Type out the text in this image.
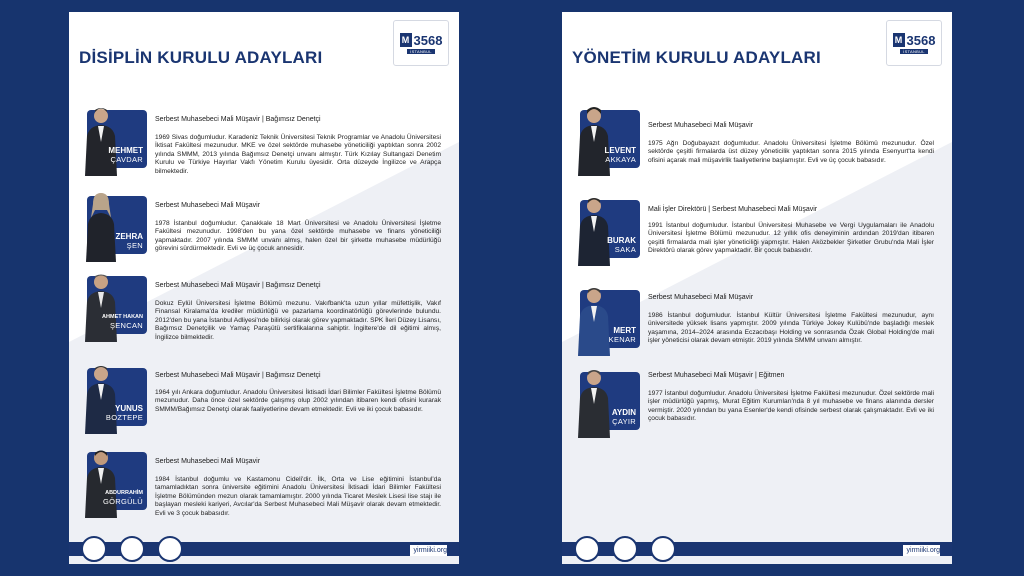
DİSİPLİN KURULU ADAYLARI
M 3568
İSTANBUL
MEHMET
ÇAVDAR
Serbest Muhasebeci Mali Müşavir | Bağımsız Denetçi

1969 Sivas doğumludur. Karadeniz Teknik Üniversitesi Teknik Programlar ve Anadolu Üniversitesi İktisat Fakültesi mezunudur. MKE ve özel sektörde muhasebe yöneticiliği yaptıktan sonra 2002 yılında SMMM, 2013 yılında Bağımsız Denetçi unvanı almıştır. Türk Kızılay Sultangazi Denetim Kurulu ve Türkiye Hayırlar Vakfı Yönetim Kurulu üyesidir. Orta düzeyde İngilizce ve Arapça bilmektedir.

ZEHRA
ŞEN
Serbest Muhasebeci Mali Müşavir

1978 İstanbul doğumludur. Çanakkale 18 Mart Üniversitesi ve Anadolu Üniversitesi İşletme Fakültesi mezunudur. 1998'den bu yana özel sektörde muhasebe ve finans yöneticiliği yapmaktadır. 2007 yılında SMMM unvanı almış, halen özel bir şirkette muhasebe müdürlüğü görevini sürdürmektedir. Evli ve üç çocuk annesidir.

AHMET HAKAN
ŞENCAN
Serbest Muhasebeci Mali Müşavir | Bağımsız Denetçi

Dokuz Eylül Üniversitesi İşletme Bölümü mezunu. Vakıfbank'ta uzun yıllar müfettişlik, Vakıf Finansal Kiralama'da krediler müdürlüğü ve pazarlama koordinatörlüğü görevlerinde bulundu. 2012'den bu yana İstanbul Adliyesi'nde bilirkişi olarak görev yapmaktadır. SPK İleri Düzey Lisansı, Bağımsız Denetçilik ve Yamaç Paraşütü sertifikalarına sahiptir. İngiltere'de dil eğitimi almış, İngilizce bilmektedir.

YUNUS
BOZTEPE
Serbest Muhasebeci Mali Müşavir | Bağımsız Denetçi

1964 yılı Ankara doğumludur. Anadolu Üniversitesi İktisadi İdari Bilimler Fakültesi İşletme Bölümü mezunudur. Daha önce özel sektörde çalışmış olup 2002 yılından itibaren kendi ofisini kurarak SMMM/Bağımsız Denetçi olarak faaliyetlerine devam etmektedir. Evli ve iki çocuk babasıdır.

ABDURRAHİM
GÖRGÜLÜ
Serbest Muhasebeci Mali Müşavir

1984 İstanbul doğumlu ve Kastamonu Cideli'dir. İlk, Orta ve Lise eğitimini İstanbul'da tamamladıktan sonra üniversite eğitimini Anadolu Üniversitesi İktisadi İdari Bilimler Fakültesi İşletme Bölümünden mezun olarak tamamlamıştır. 2000 yılında Ticaret Meslek Lisesi lise stajı ile başlayan mesleki kariyeri, Avcılar'da Serbest Muhasebeci Mali Müşavir olarak devam etmektedir. Evli ve 3 çocuk babasıdır.

yirmiiki.org
YÖNETİM KURULU ADAYLARI
M 3568
İSTANBUL
LEVENT
AKKAYA
Serbest Muhasebeci Mali Müşavir

1975 Ağrı Doğubayazıt doğumludur. Anadolu Üniversitesi İşletme Bölümü mezunudur. Özel sektörde çeşitli firmalarda üst düzey yöneticilik yaptıktan sonra 2015 yılında Esenyurt'ta kendi ofisini açarak mali müşavirlik faaliyetlerine başlamıştır. Evli ve üç çocuk babasıdır.

BURAK
SAKA
Mali İşler Direktörü | Serbest Muhasebeci Mali Müşavir

1991 İstanbul doğumludur. İstanbul Üniversitesi Muhasebe ve Vergi Uygulamaları ile Anadolu Üniversitesi İşletme Bölümü mezunudur. 12 yıllık ofis deneyiminin ardından 2019'dan itibaren çeşitli firmalarda mali işler yöneticiliği yapmıştır. Halen Aközbekler Şirketler Grubu'nda Mali İşler Direktörü olarak görev yapmaktadır. Bir çocuk babasıdır.

MERT
KENAR
Serbest Muhasebeci Mali Müşavir

1986 İstanbul doğumludur. İstanbul Kültür Üniversitesi İşletme Fakültesi mezunudur, aynı üniversitede yüksek lisans yapmıştır. 2009 yılında Türkiye Jokey Kulübü'nde başladığı meslek yaşamına, 2014–2024 arasında Eczacıbaşı Holding ve sonrasında Özak Global Holding'de mali işler yöneticisi olarak devam etmiştir. 2019 yılında SMMM unvanı almıştır.

AYDIN
ÇAYIR
Serbest Muhasebeci Mali Müşavir | Eğitmen

1977 İstanbul doğumludur. Anadolu Üniversitesi İşletme Fakültesi mezunudur. Özel sektörde mali işler müdürlüğü yapmış, Murat Eğitim Kurumları'nda 8 yıl muhasebe ve finans alanında dersler vermiştir. 2020 yılından bu yana Esenler'de kendi ofisinde serbest olarak çalışmaktadır. Evli ve iki çocuk babasıdır.

yirmiiki.org
